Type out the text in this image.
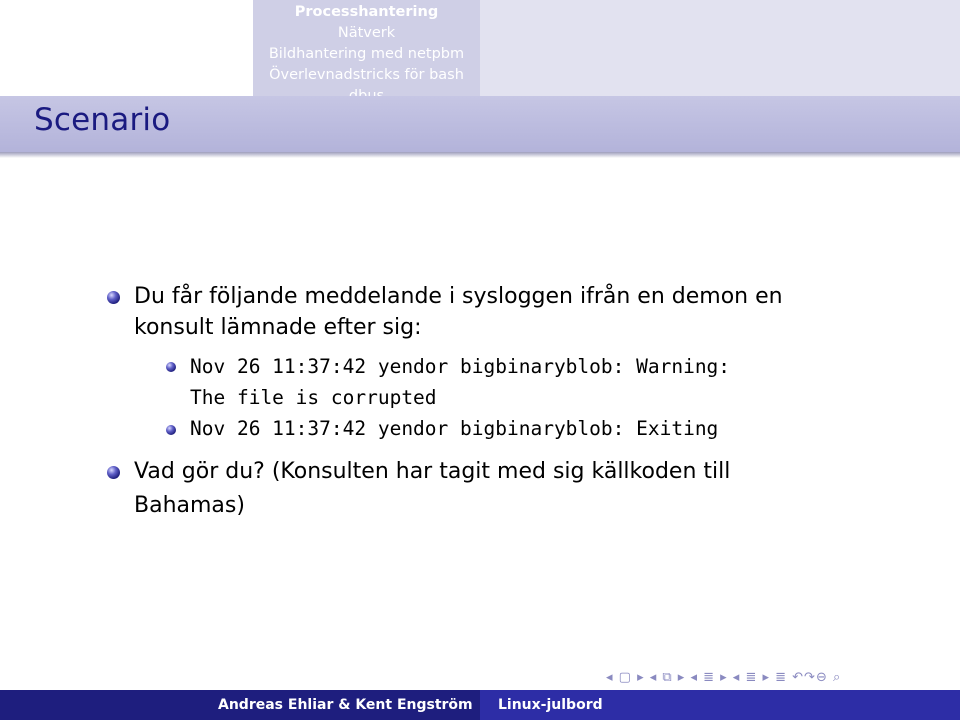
Processhantering
Nätverk
Bildhantering med netpbm
Överlevnadstricks för bash
Scenario
Du får följande meddelande i sysloggen ifrån en demon en
konsult lämnade efter sig:
Nov 26 11:37:42 yendor bigbinaryblob: Warning:
The file is corrupted
Nov 26 11:37:42 yendor bigbinaryblob: Exiting
Vad gör du? (Konsulten har tagit med sig källkoden till
Bahamas)
◂ ▢ ▸ ◂ ⧉ ▸ ◂ ≣ ▸ ◂ ≣ ▸ ≣ ↶↷⊖ ⌕
Andreas Ehliar & Kent Engström Linux-julbord
